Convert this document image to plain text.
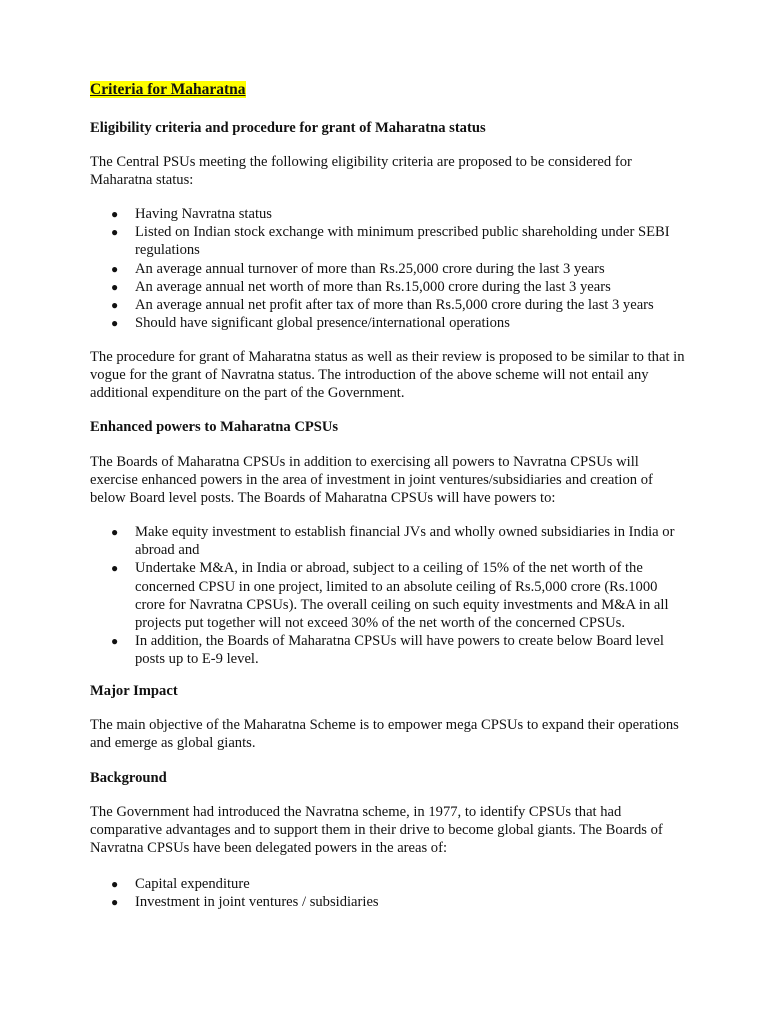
Criteria for Maharatna
Eligibility criteria and procedure for grant of Maharatna status

The Central PSUs meeting the following eligibility criteria are proposed to be considered for Maharatna status:

● Having Navratna status
● Listed on Indian stock exchange with minimum prescribed public shareholding under SEBI regulations
● An average annual turnover of more than Rs.25,000 crore during the last 3 years
● An average annual net worth of more than Rs.15,000 crore during the last 3 years
● An average annual net profit after tax of more than Rs.5,000 crore during the last 3 years
● Should have significant global presence/international operations

The procedure for grant of Maharatna status as well as their review is proposed to be similar to that in vogue for the grant of Navratna status. The introduction of the above scheme will not entail any additional expenditure on the part of the Government.

Enhanced powers to Maharatna CPSUs

The Boards of Maharatna CPSUs in addition to exercising all powers to Navratna CPSUs will exercise enhanced powers in the area of investment in joint ventures/subsidiaries and creation of below Board level posts. The Boards of Maharatna CPSUs will have powers to:

● Make equity investment to establish financial JVs and wholly owned subsidiaries in India or abroad and
● Undertake M&A, in India or abroad, subject to a ceiling of 15% of the net worth of the concerned CPSU in one project, limited to an absolute ceiling of Rs.5,000 crore (Rs.1000 crore for Navratna CPSUs). The overall ceiling on such equity investments and M&A in all projects put together will not exceed 30% of the net worth of the concerned CPSUs.
● In addition, the Boards of Maharatna CPSUs will have powers to create below Board level posts up to E-9 level.
Major Impact

The main objective of the Maharatna Scheme is to empower mega CPSUs to expand their operations and emerge as global giants.

Background

The Government had introduced the Navratna scheme, in 1977, to identify CPSUs that had comparative advantages and to support them in their drive to become global giants. The Boards of Navratna CPSUs have been delegated powers in the areas of:

● Capital expenditure
● Investment in joint ventures / subsidiaries
